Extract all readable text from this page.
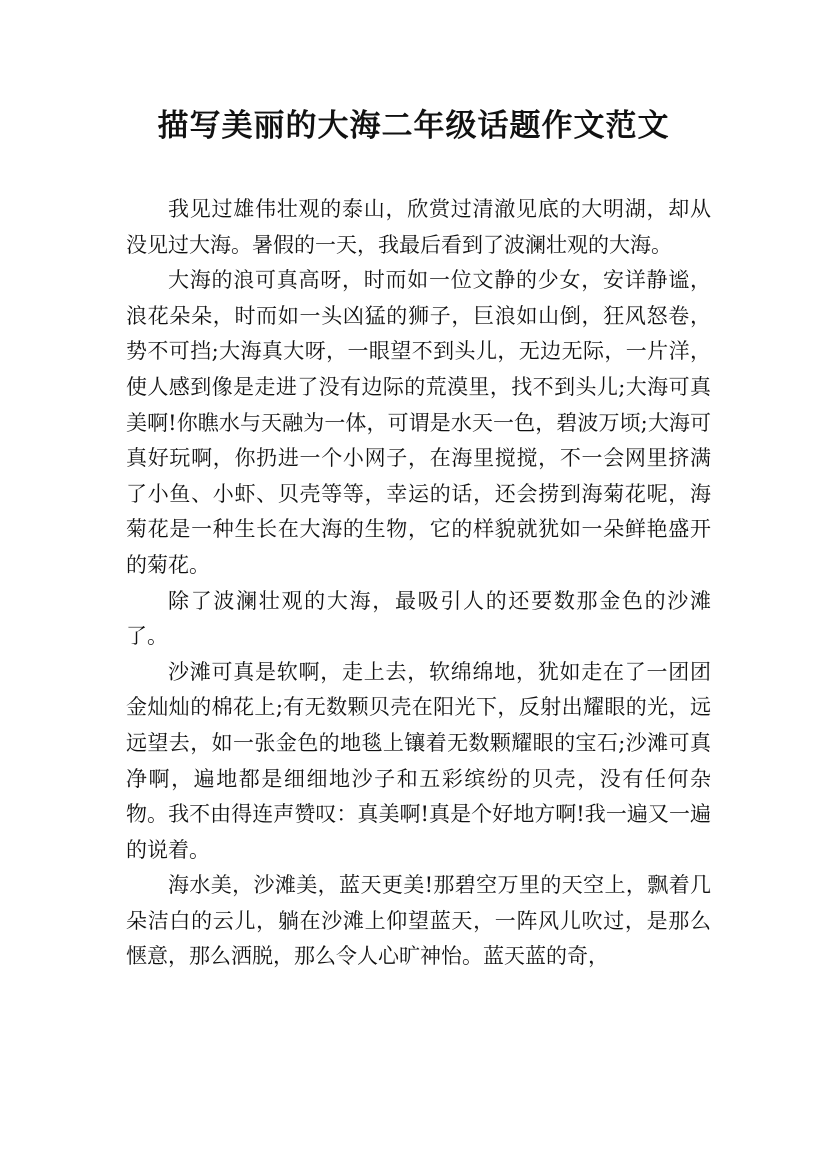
描写美丽的大海二年级话题作文范文

我见过雄伟壮观的泰山，欣赏过清澈见底的大明湖，却从没见过大海。暑假的一天，我最后看到了波澜壮观的大海。

大海的浪可真高呀，时而如一位文静的少女，安详静谧，浪花朵朵，时而如一头凶猛的狮子，巨浪如山倒，狂风怒卷，势不可挡;大海真大呀，一眼望不到头儿，无边无际，一片洋，使人感到像是走进了没有边际的荒漠里，找不到头儿;大海可真美啊!你瞧水与天融为一体，可谓是水天一色，碧波万顷;大海可真好玩啊，你扔进一个小网子，在海里搅搅，不一会网里挤满了小鱼、小虾、贝壳等等，幸运的话，还会捞到海菊花呢，海菊花是一种生长在大海的生物，它的样貌就犹如一朵鲜艳盛开的菊花。

除了波澜壮观的大海，最吸引人的还要数那金色的沙滩了。

沙滩可真是软啊，走上去，软绵绵地，犹如走在了一团团金灿灿的棉花上;有无数颗贝壳在阳光下，反射出耀眼的光，远远望去，如一张金色的地毯上镶着无数颗耀眼的宝石;沙滩可真净啊，遍地都是细细地沙子和五彩缤纷的贝壳，没有任何杂物。我不由得连声赞叹：真美啊!真是个好地方啊!我一遍又一遍的说着。

海水美，沙滩美，蓝天更美!那碧空万里的天空上，飘着几朵洁白的云儿，躺在沙滩上仰望蓝天，一阵风儿吹过，是那么惬意，那么洒脱，那么令人心旷神怡。蓝天蓝的奇，
